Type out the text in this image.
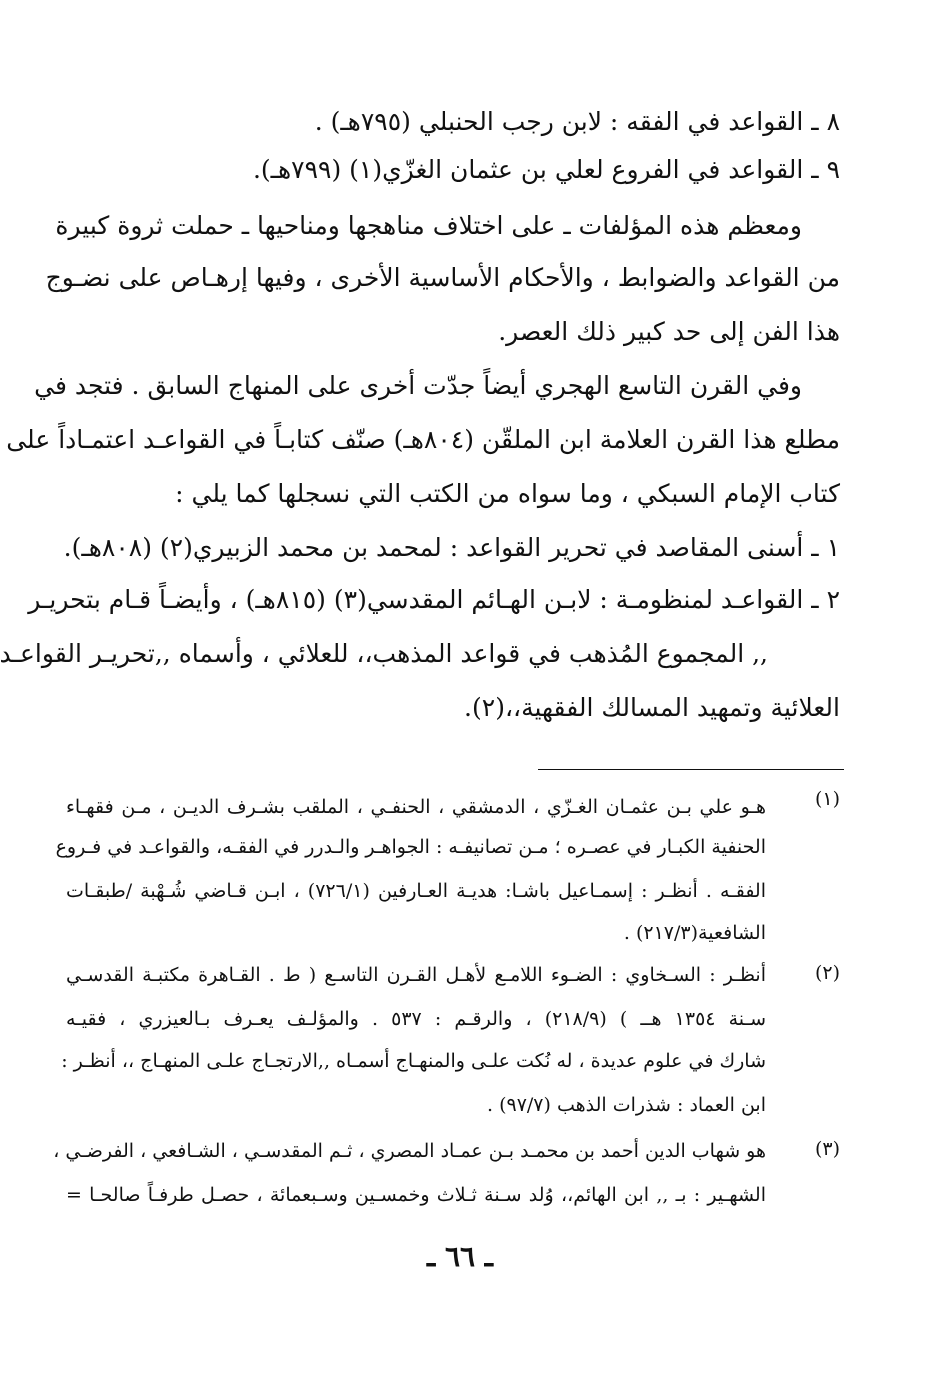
٨ ـ القواعد في الفقه : لابن رجب الحنبلي (٧٩٥هـ) .
٩ ـ القواعد في الفروع لعلي بن عثمان الغزّي(١) (٧٩٩هـ).
ومعظم هذه المؤلفات ـ على اختلاف مناهجها ومناحيها ـ حملت ثروة كبيرة
من القواعد والضوابط ، والأحكام الأساسية الأخرى ، وفيها إرهـاص على نضـوج
هذا الفن إلى حد كبير ذلك العصر.
وفي القرن التاسع الهجري أيضاً جدّت أخرى على المنهاج السابق . فتجد في
مطلع هذا القرن العلامة ابن الملقّن (٨٠٤هـ) صنّف كتابـاً في القواعـد اعتمـاداً على
كتاب الإمام السبكي ، وما سواه من الكتب التي نسجلها كما يلي :
١ ـ أسنى المقاصد في تحرير القواعد : لمحمد بن محمد الزبيري(٢) (٨٠٨هـ).
٢ ـ القواعـد لمنظومـة : لابـن الهـائم المقدسي(٣) (٨١٥هـ) ، وأيضـاً قـام بتحريـر
,, المجموع المُذهب في قواعد المذهب،، للعلائي ، وأسماه ,,تحريـر القواعـد
العلائية وتمهيد المسالك الفقهية،،(٢).
(١)
(٢)
(٣)
هـو علي بـن عثمـان الغـزّي ، الدمشقي ، الحنفـي ، الملقب بشـرف الديـن ، مـن فقهـاء
الحنفية الكبـار في عصـره ؛ مـن تصانيفـه : الجواهـر والـدرر في الفقـه، والقواعـد في فـروع
الفقـه . أنظـر : إسمـاعيل باشـا: هديـة العـارفين (٧٢٦/١) ، ابـن قـاضي شُـهْبة /طبقـات
الشافعية(٢١٧/٣) .
أنظـر : السـخاوي : الضـوء اللامـع لأهـل القـرن التاسـع ( ط . القـاهرة مكتبـة القدسـي
سـنة ١٣٥٤ هــ ) (٢١٨/٩) ، والرقـم : ٥٣٧ . والمؤلـف يعـرف بـالعيزري ، فقيـه
شارك في علوم عديدة ، له نُكت علـى والمنهـاج أسمـاه ,,الارتجـاج علـى المنهـاج ،، أنظـر :
ابن العماد : شذرات الذهب (٩٧/٧) .
هو شهاب الدين أحمد بن محمـد بـن عمـاد المصري ، ثـم المقدسـي ، الشـافعي ، الفرضـي ،
الشهـير : بـ ,, ابن الهائم،، وُلد سـنة ثـلاث وخمسـين وسـبعمائة ، حصـل طرفـاً صالحـا =
ـ ٦٦ ـ
